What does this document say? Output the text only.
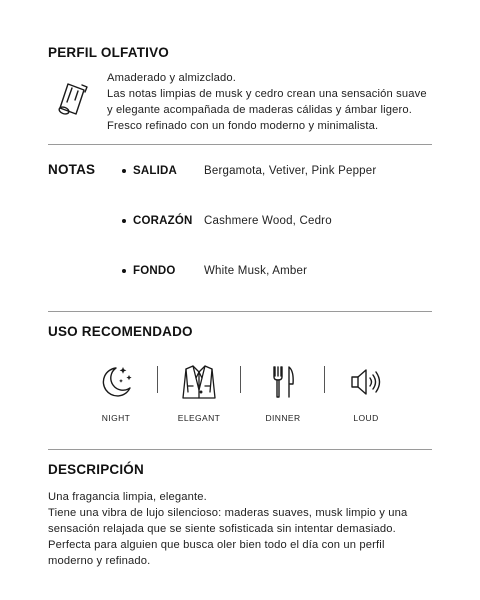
PERFIL OLFATIVO
Amaderado y almizclado.
Las notas limpias de musk y cedro crean una sensación suave
y elegante acompañada de maderas cálidas y ámbar ligero.
Fresco refinado con un fondo moderno y minimalista.
NOTAS	SALIDA	Bergamota, Vetiver, Pink Pepper
CORAZÓN Cashmere Wood, Cedro
FONDO	White Musk, Amber
USO RECOMENDADO
NIGHT	ELEGANT	DINNER	LOUD
DESCRIPCIÓN
Una fragancia limpia, elegante.
Tiene una vibra de lujo silencioso: maderas suaves, musk limpio y una
sensación relajada que se siente sofisticada sin intentar demasiado.
Perfecta para alguien que busca oler bien todo el día con un perfil
moderno y refinado.
